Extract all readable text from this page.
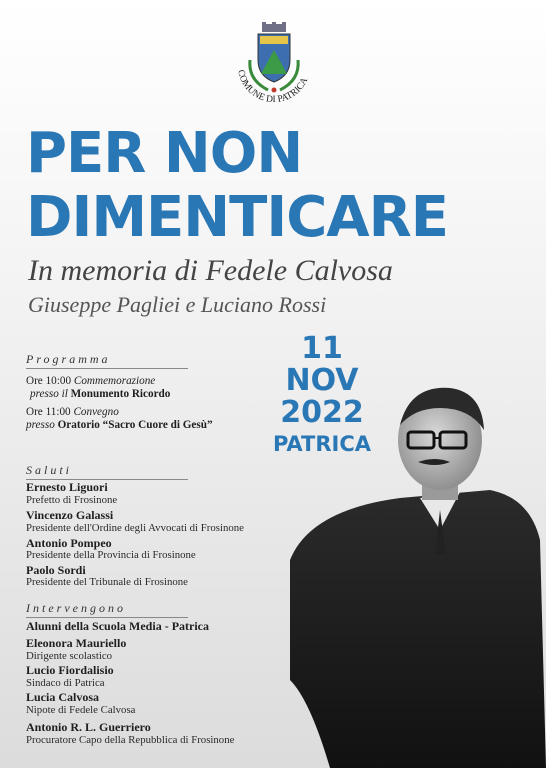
COMUNE DI PATRICA
PER NON
DIMENTICARE
In memoria di Fedele Calvosa
Giuseppe Pagliei e Luciano Rossi
11
NOV
2022
PATRICA
Programma
Ore 10:00 Commemorazione
presso il Monumento Ricordo
Ore 11:00 Convegno
presso Oratorio “Sacro Cuore di Gesù”
Saluti
Ernesto Liguori
Prefetto di Frosinone
Vincenzo Galassi
Presidente dell'Ordine degli Avvocati di Frosinone
Antonio Pompeo
Presidente della Provincia di Frosinone
Paolo Sordi
Presidente del Tribunale di Frosinone
Intervengono
Alunni della Scuola Media - Patrica
Eleonora Mauriello
Dirigente scolastico
Lucio Fiordalisio
Sindaco di Patrica
Lucia Calvosa
Nipote di Fedele Calvosa
Antonio R. L. Guerriero
Procuratore Capo della Repubblica di Frosinone
